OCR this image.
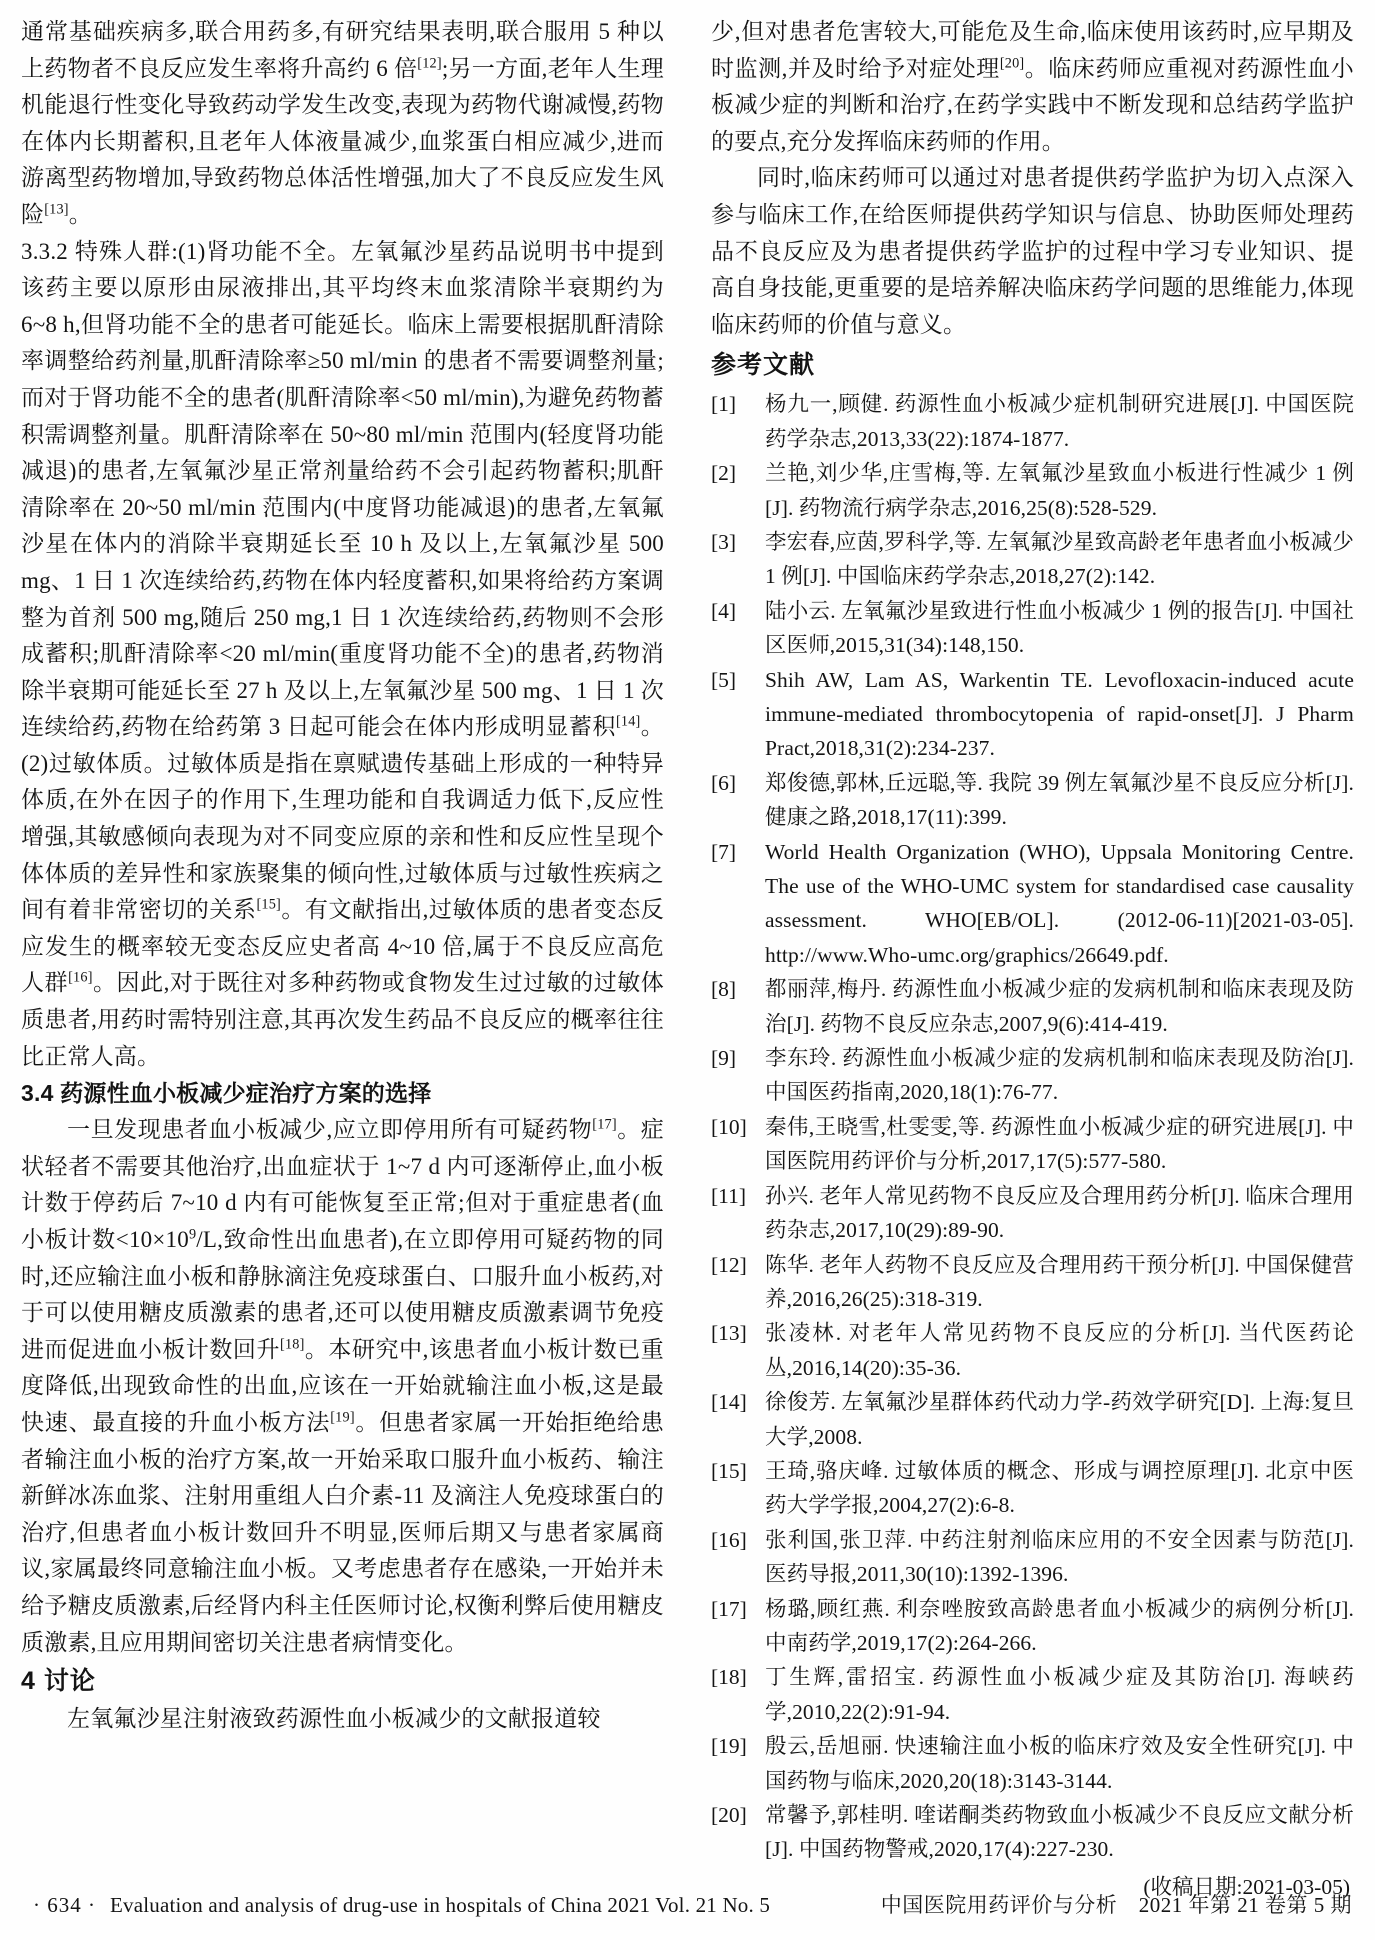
通常基础疾病多,联合用药多,有研究结果表明,联合服用 5 种以上药物者不良反应发生率将升高约 6 倍[12];另一方面,老年人生理机能退行性变化导致药动学发生改变,表现为药物代谢减慢,药物在体内长期蓄积,且老年人体液量减少,血浆蛋白相应减少,进而游离型药物增加,导致药物总体活性增强,加大了不良反应发生风险[13]。

3.3.2 特殊人群:(1)肾功能不全。左氧氟沙星药品说明书中提到该药主要以原形由尿液排出,其平均终末血浆清除半衰期约为 6~8 h,但肾功能不全的患者可能延长。临床上需要根据肌酐清除率调整给药剂量,肌酐清除率≥50 ml/min 的患者不需要调整剂量;而对于肾功能不全的患者(肌酐清除率<50 ml/min),为避免药物蓄积需调整剂量。肌酐清除率在 50~80 ml/min 范围内(轻度肾功能减退)的患者,左氧氟沙星正常剂量给药不会引起药物蓄积;肌酐清除率在 20~50 ml/min 范围内(中度肾功能减退)的患者,左氧氟沙星在体内的消除半衰期延长至 10 h 及以上,左氧氟沙星 500 mg、1 日 1 次连续给药,药物在体内轻度蓄积,如果将给药方案调整为首剂 500 mg,随后 250 mg,1 日 1 次连续给药,药物则不会形成蓄积;肌酐清除率<20 ml/min(重度肾功能不全)的患者,药物消除半衰期可能延长至 27 h 及以上,左氧氟沙星 500 mg、1 日 1 次连续给药,药物在给药第 3 日起可能会在体内形成明显蓄积[14]。(2)过敏体质。过敏体质是指在禀赋遗传基础上形成的一种特异体质,在外在因子的作用下,生理功能和自我调适力低下,反应性增强,其敏感倾向表现为对不同变应原的亲和性和反应性呈现个体体质的差异性和家族聚集的倾向性,过敏体质与过敏性疾病之间有着非常密切的关系[15]。有文献指出,过敏体质的患者变态反应发生的概率较无变态反应史者高 4~10 倍,属于不良反应高危人群[16]。因此,对于既往对多种药物或食物发生过过敏的过敏体质患者,用药时需特别注意,其再次发生药品不良反应的概率往往比正常人高。

3.4 药源性血小板减少症治疗方案的选择

一旦发现患者血小板减少,应立即停用所有可疑药物[17]。症状轻者不需要其他治疗,出血症状于 1~7 d 内可逐渐停止,血小板计数于停药后 7~10 d 内有可能恢复至正常;但对于重症患者(血小板计数$<10\times 10^9/L$,致命性出血患者),在立即停用可疑药物的同时,还应输注血小板和静脉滴注免疫球蛋白、口服升血小板药,对于可以使用糖皮质激素的患者,还可以使用糖皮质激素调节免疫进而促进血小板计数回升[18]。本研究中,该患者血小板计数已重度降低,出现致命性的出血,应该在一开始就输注血小板,这是最快速、最直接的升血小板方法[19]。但患者家属一开始拒绝给患者输注血小板的治疗方案,故一开始采取口服升血小板药、输注新鲜冰冻血浆、注射用重组人白介素-11 及滴注人免疫球蛋白的治疗,但患者血小板计数回升不明显,医师后期又与患者家属商议,家属最终同意输注血小板。又考虑患者存在感染,一开始并未给予糖皮质激素,后经肾内科主任医师讨论,权衡利弊后使用糖皮质激素,且应用期间密切关注患者病情变化。

4 讨论

左氧氟沙星注射液致药源性血小板减少的文献报道较

少,但对患者危害较大,可能危及生命,临床使用该药时,应早期及时监测,并及时给予对症处理[20]。临床药师应重视对药源性血小板减少症的判断和治疗,在药学实践中不断发现和总结药学监护的要点,充分发挥临床药师的作用。

同时,临床药师可以通过对患者提供药学监护为切入点深入参与临床工作,在给医师提供药学知识与信息、协助医师处理药品不良反应及为患者提供药学监护的过程中学习专业知识、提高自身技能,更重要的是培养解决临床药学问题的思维能力,体现临床药师的价值与意义。

参考文献
[1]	杨九一,顾健. 药源性血小板减少症机制研究进展[J]. 中国医院药学杂志,2013,33(22):1874-1877.
[2]	兰艳,刘少华,庄雪梅,等. 左氧氟沙星致血小板进行性减少 1 例[J]. 药物流行病学杂志,2016,25(8):528-529.
[3]	李宏春,应茵,罗科学,等. 左氧氟沙星致高龄老年患者血小板减少 1 例[J]. 中国临床药学杂志,2018,27(2):142.
[4]	陆小云. 左氧氟沙星致进行性血小板减少 1 例的报告[J]. 中国社区医师,2015,31(34):148,150.
[5]	Shih AW, Lam AS, Warkentin TE. Levofloxacin-induced acute immune-mediated thrombocytopenia of rapid-onset[J]. J Pharm Pract,2018,31(2):234-237.
[6]	郑俊德,郭林,丘远聪,等. 我院 39 例左氧氟沙星不良反应分析[J]. 健康之路,2018,17(11):399.
[7]	World Health Organization (WHO), Uppsala Monitoring Centre. The use of the WHO-UMC system for standardised case causality assessment. WHO[EB/OL]. (2012-06-11)[2021-03-05]. http://www.Who-umc.org/graphics/26649.pdf.
[8]	都丽萍,梅丹. 药源性血小板减少症的发病机制和临床表现及防治[J]. 药物不良反应杂志,2007,9(6):414-419.
[9]	李东玲. 药源性血小板减少症的发病机制和临床表现及防治[J]. 中国医药指南,2020,18(1):76-77.
[10] 秦伟,王晓雪,杜雯雯,等. 药源性血小板减少症的研究进展[J]. 中国医院用药评价与分析,2017,17(5):577-580.
[11] 孙兴. 老年人常见药物不良反应及合理用药分析[J]. 临床合理用药杂志,2017,10(29):89-90.
[12] 陈华. 老年人药物不良反应及合理用药干预分析[J]. 中国保健营养,2016,26(25):318-319.
[13] 张凌林. 对老年人常见药物不良反应的分析[J]. 当代医药论丛,2016,14(20):35-36.
[14] 徐俊芳. 左氧氟沙星群体药代动力学-药效学研究[D]. 上海:复旦大学,2008.
[15] 王琦,骆庆峰. 过敏体质的概念、形成与调控原理[J]. 北京中医药大学学报,2004,27(2):6-8.
[16] 张利国,张卫萍. 中药注射剂临床应用的不安全因素与防范[J]. 医药导报,2011,30(10):1392-1396.
[17] 杨璐,顾红燕. 利奈唑胺致高龄患者血小板减少的病例分析[J]. 中南药学,2019,17(2):264-266.
[18] 丁生辉,雷招宝. 药源性血小板减少症及其防治[J]. 海峡药学,2010,22(2):91-94.
[19] 殷云,岳旭丽. 快速输注血小板的临床疗效及安全性研究[J]. 中国药物与临床,2020,20(18):3143-3144.
[20] 常馨予,郭桂明. 喹诺酮类药物致血小板减少不良反应文献分析[J]. 中国药物警戒,2020,17(4):227-230.
(收稿日期:2021-03-05)
· 634 · Evaluation and analysis of drug-use in hospitals of China 2021 Vol. 21 No. 5	中国医院用药评价与分析　2021 年第 21 卷第 5 期
